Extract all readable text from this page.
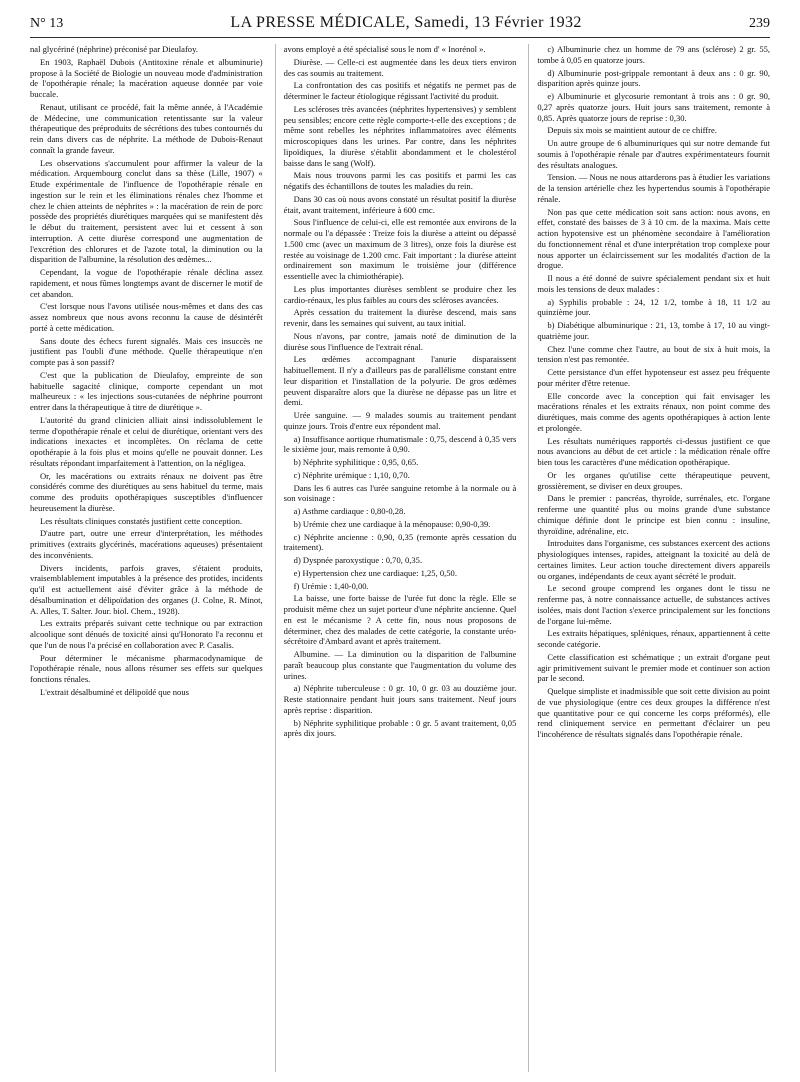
N° 13	LA PRESSE MÉDICALE, Samedi, 13 Février 1932	239

nal glycériné (néphrine) préconisé par Dieulafoy.

En 1903, Raphaël Dubois (Antitoxine rénale et albuminurie) propose à la Société de Biologie un nouveau mode d'administration de l'opothérapie rénale; la macération aqueuse donnée par voie buccale.

Renaut, utilisant ce procédé, fait la même année, à l'Académie de Médecine, une communication retentissante sur la valeur thérapeutique des préproduits de sécrétions des tubes contournés du rein dans divers cas de néphrite. La méthode de Dubois-Renaut connaît la grande faveur.

Les observations s'accumulent pour affirmer la valeur de la médication. Arquembourg conclut dans sa thèse (Lille, 1907) « Etude expérimentale de l'influence de l'opothérapie rénale en ingestion sur le rein et les éliminations rénales chez l'homme et chez le chien atteints de néphrites » : la macération de rein de porc possède des propriétés diurétiques marquées qui se manifestent dès le début du traitement, persistent avec lui et cessent à son interruption. A cette diurèse correspond une augmentation de l'excrétion des chlorures et de l'azote total, la diminution ou la disparition de l'albumine, la résolution des œdèmes...

Cependant, la vogue de l'opothérapie rénale déclina assez rapidement, et nous fûmes longtemps avant de discerner le motif de cet abandon.

C'est lorsque nous l'avons utilisée nous-mêmes et dans des cas assez nombreux que nous avons reconnu la cause de désintérêt porté à cette médication.

Sans doute des échecs furent signalés. Mais ces insuccès ne justifient pas l'oubli d'une méthode. Quelle thérapeutique n'en compte pas à son passif?

C'est que la publication de Dieulafoy, empreinte de son habituelle sagacité clinique, comporte cependant un mot malheureux : « les injections sous-cutanées de néphrine pourront entrer dans la thérapeutique à titre de diurétique ».

L'autorité du grand clinicien alliait ainsi indissolublement le terme d'opothérapie rénale et celui de diurétique, orientant vers des indications inexactes et incomplètes. On réclama de cette opothérapie à la fois plus et moins qu'elle ne pouvait donner. Les résultats répondant imparfaitement à l'attention, on la négligea.

Or, les macérations ou extraits rénaux ne doivent pas être considérés comme des diurétiques au sens habituel du terme, mais comme des produits opothérapiques susceptibles d'influencer heureusement la diurèse.

Les résultats cliniques constatés justifient cette conception.

D'autre part, outre une erreur d'interprétation, les méthodes primitives (extraits glycérinés, macérations aqueuses) présentaient des inconvénients.

Divers incidents, parfois graves, s'étaient produits, vraisemblablement imputables à la présence des protides, incidents qu'il est actuellement aisé d'éviter grâce à la méthode de désalbumination et délipoïdation des organes (J. Colne, R. Minot, A. Alles, T. Salter. Jour. biol. Chem., 1928).

Les extraits préparés suivant cette technique ou par extraction alcoolique sont dénués de toxicité ainsi qu'Honorato l'a reconnu et que l'un de nous l'a précisé en collaboration avec P. Casalis.

Pour déterminer le mécanisme pharmacodynamique de l'opothérapie rénale, nous allons résumer ses effets sur quelques fonctions rénales.

L'extrait désalbuminé et délipoïdé que nous

avons employé a été spécialisé sous le nom d' « Inorénol ».

Diurèse. — Celle-ci est augmentée dans les deux tiers environ des cas soumis au traitement.

La confrontation des cas positifs et négatifs ne permet pas de déterminer le facteur étiologique régissant l'activité du produit.

Les scléroses très avancées (néphrites hypertensives) y semblent peu sensibles; encore cette règle comporte-t-elle des exceptions ; de même sont rebelles les néphrites inflammatoires avec éléments microscopiques dans les urines. Par contre, dans les néphrites lipoïdiques, la diurèse s'établit abondamment et le cholestérol baisse dans le sang (Wolf).

Mais nous trouvons parmi les cas positifs et parmi les cas négatifs des échantillons de toutes les maladies du rein.

Dans 30 cas où nous avons constaté un résultat positif la diurèse était, avant traitement, inférieure à 600 cmc.

Sous l'influence de celui-ci, elle est remontée aux environs de la normale ou l'a dépassée : Treize fois la diurèse a atteint ou dépassé 1.500 cmc (avec un maximum de 3 litres), onze fois la diurèse est restée au voisinage de 1.200 cmc. Fait important : la diurèse atteint ordinairement son maximum le troisième jour (différence essentielle avec la chimiothérapie).

Les plus importantes diurèses semblent se produire chez les cardio-rénaux, les plus faibles au cours des scléroses avancées.

Après cessation du traitement la diurèse descend, mais sans revenir, dans les semaines qui suivent, au taux initial.

Nous n'avons, par contre, jamais noté de diminution de la diurèse sous l'influence de l'extrait rénal.

Les œdèmes accompagnant l'anurie disparaissent habituellement. Il n'y a d'ailleurs pas de parallélisme constant entre leur disparition et l'installation de la polyurie. De gros œdèmes peuvent disparaître alors que la diurèse ne dépasse pas un litre et demi.

Urée sanguine. — 9 malades soumis au traitement pendant quinze jours. Trois d'entre eux répondent mal.

a) Insuffisance aortique rhumatismale : 0,75, descend à 0,35 vers le sixième jour, mais remonte à 0,90.

b) Néphrite syphilitique : 0,95, 0,65.

c) Néphrite urémique : 1,10, 0,70.

Dans les 6 autres cas l'urée sanguine retombe à la normale ou à son voisinage :

a) Asthme cardiaque : 0,80-0,28.

b) Urémie chez une cardiaque à la ménopause: 0,90-0,39.

c) Néphrite ancienne : 0,90, 0,35 (remonte après cessation du traitement).

d) Dyspnée paroxystique : 0,70, 0,35.

e) Hypertension chez une cardiaque: 1,25, 0,50.

f) Urémie : 1,40-0,00.

La baisse, une forte baisse de l'urée fut donc la règle. Elle se produisit même chez un sujet porteur d'une néphrite ancienne. Quel en est le mécanisme ? A cette fin, nous nous proposons de déterminer, chez des malades de cette catégorie, la constante uréo-sécrétoire d'Ambard avant et après traitement.

Albumine. — La diminution ou la disparition de l'albumine paraît beaucoup plus constante que l'augmentation du volume des urines.

a) Néphrite tuberculeuse : 0 gr. 10, 0 gr. 03 au douzième jour. Reste stationnaire pendant huit jours sans traitement. Neuf jours après reprise : disparition.

b) Néphrite syphilitique probable : 0 gr. 5 avant traitement, 0,05 après dix jours.

c) Albuminurie chez un homme de 79 ans (sclérose) 2 gr. 55, tombe à 0,05 en quatorze jours.

d) Albuminurie post-grippale remontant à deux ans : 0 gr. 90, disparition après quinze jours.

e) Albuminurie et glycosurie remontant à trois ans : 0 gr. 90, 0,27 après quatorze jours. Huit jours sans traitement, remonte à 0,85. Après quatorze jours de reprise : 0,30.

Depuis six mois se maintient autour de ce chiffre.

Un autre groupe de 6 albuminuriques qui sur notre demande fut soumis à l'opothérapie rénale par d'autres expérimentateurs fournit des résultats analogues.

Tension. — Nous ne nous attarderons pas à étudier les variations de la tension artérielle chez les hypertendus soumis à l'opothérapie rénale.

Non pas que cette médication soit sans action: nous avons, en effet, constaté des baisses de 3 à 10 cm. de la maxima. Mais cette action hypotensive est un phénomène secondaire à l'amélioration du fonctionnement rénal et d'une interprétation trop complexe pour nous apporter un éclaircissement sur les modalités d'action de la drogue.

Il nous a été donné de suivre spécialement pendant six et huit mois les tensions de deux malades :

a) Syphilis probable : 24, 12 1/2, tombe à 18, 11 1/2 au quinzième jour.

b) Diabétique albuminurique : 21, 13, tombe à 17, 10 au vingt-quatrième jour.

Chez l'une comme chez l'autre, au bout de six à huit mois, la tension n'est pas remontée.

Cette persistance d'un effet hypotenseur est assez peu fréquente pour mériter d'être retenue.

Elle concorde avec la conception qui fait envisager les macérations rénales et les extraits rénaux, non point comme des diurétiques, mais comme des agents opothérapiques à action lente et prolongée.

Les résultats numériques rapportés ci-dessus justifient ce que nous avancions au début de cet article : la médication rénale offre bien tous les caractères d'une médication opothérapique.

Or les organes qu'utilise cette thérapeutique peuvent, grossièrement, se diviser en deux groupes.

Dans le premier : pancréas, thyroïde, surrénales, etc. l'organe renferme une quantité plus ou moins grande d'une substance chimique définie dont le principe est bien connu : insuline, thyroïdine, adrénaline, etc.

Introduites dans l'organisme, ces substances exercent des actions physiologiques intenses, rapides, atteignant la toxicité au delà de certaines limites. Leur action touche directement divers appareils ou organes, indépendants de ceux ayant sécrété le produit.

Le second groupe comprend les organes dont le tissu ne renferme pas, à notre connaissance actuelle, de substances actives isolées, mais dont l'action s'exerce principalement sur les fonctions de l'organe lui-même.

Les extraits hépatiques, spléniques, rénaux, appartiennent à cette seconde catégorie.

Cette classification est schématique ; un extrait d'organe peut agir primitivement suivant le premier mode et continuer son action par le second.

Quelque simpliste et inadmissible que soit cette division au point de vue physiologique (entre ces deux groupes la différence n'est que quantitative pour ce qui concerne les corps préformés), elle rend cliniquement service en permettant d'éclairer un peu l'incohérence de résultats signalés dans l'opothérapie rénale.
